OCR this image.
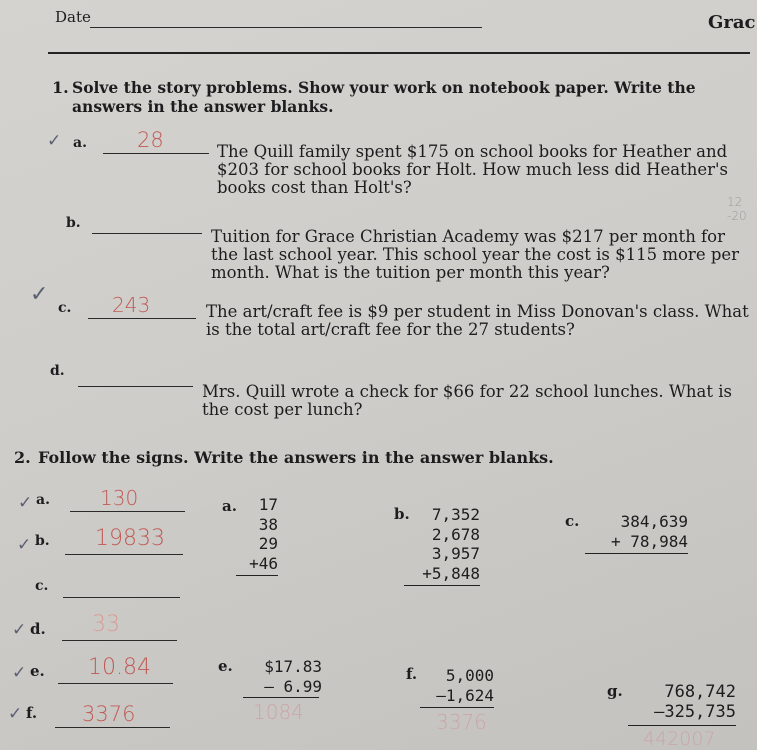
Date	Grac
1. Solve the story problems. Show your work on notebook paper. Write the answers in the answer blanks.
✓ a. 28	The Quill family spent $175 on school books for Heather and $203 for school books for Holt. How much less did Heather's books cost than Holt's?
b.
Tuition for Grace Christian Academy was $217 per month for the last school year. This school year the cost is $115 more per month. What is the tuition per month this year?
12
-20
✓
c. 243	The art/craft fee is $9 per student in Miss Donovan's class. What is the total art/craft fee for the 27 students?
d.
Mrs. Quill wrote a check for $66 for 22 school lunches. What is the cost per lunch?
2. Follow the signs. Write the answers in the answer blanks.
✓ a.	130
✓ b. 19833
c.
✓ d. 33
✓ e. 10.84
✓ f. 3376
a.	17
38
29
+46
b.	7,352
2,678
3,957
+5,848
c.	384,639
+ 78,984
e.	$17.83
– 6.99
1084
f.	5,000
–1,624
3376
g.	768,742
–325,735
442007
